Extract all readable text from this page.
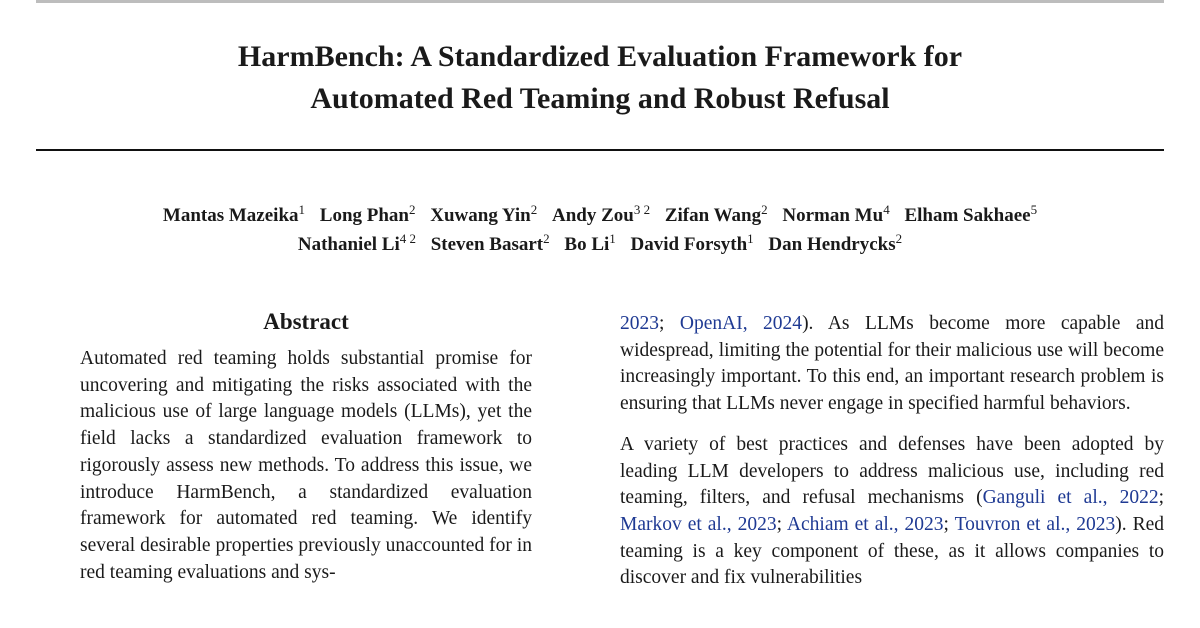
HarmBench: A Standardized Evaluation Framework for
Automated Red Teaming and Robust Refusal
Mantas Mazeika$^1$ Long Phan$^2$ Xuwang Yin$^2$ Andy Zou$^{3 2}$ Zifan Wang$^2$ Norman Mu$^4$ Elham Sakhaee$^5$
Nathaniel $Li^{4 2}$ Steven Basart$^2$ Bo Li$^1$ David Forsyth$^1$ Dan Hendrycks$^2$
Abstract
Automated red teaming holds substantial promise for uncovering and mitigating the risks associated with the malicious use of large language models (LLMs), yet the field lacks a standardized evaluation framework to rigorously assess new methods. To address this issue, we introduce HarmBench, a standardized evaluation framework for automated red teaming. We identify several desirable properties previously unaccounted for in red teaming evaluations and sys-

2023; OpenAI, 2024). As LLMs become more capable and widespread, limiting the potential for their malicious use will become increasingly important. To this end, an important research problem is ensuring that LLMs never engage in specified harmful behaviors.

A variety of best practices and defenses have been adopted by leading LLM developers to address malicious use, including red teaming, filters, and refusal mechanisms (Ganguli et al., 2022; Markov et al., 2023; Achiam et al., 2023; Touvron et al., 2023). Red teaming is a key component of these, as it allows companies to discover and fix vulnerabilities
